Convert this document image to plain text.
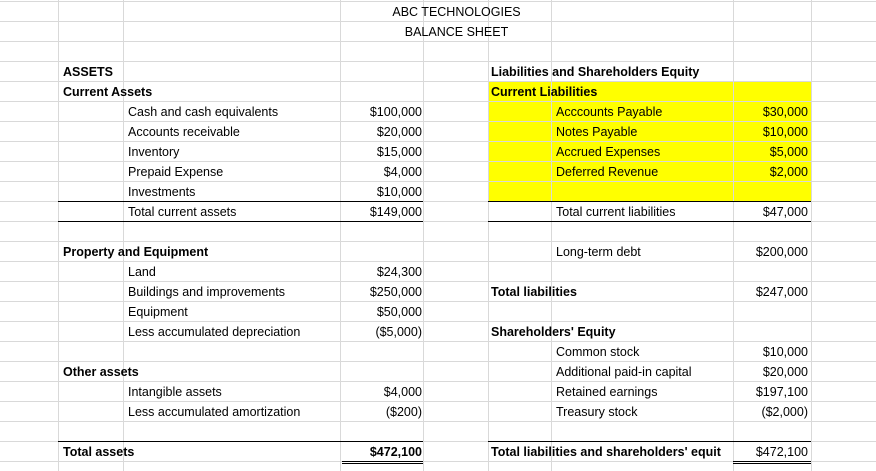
ABC TECHNOLOGIES
BALANCE SHEET
ASSETS
Current Assets
Cash and cash equivalents	$100,000
Accounts receivable	$20,000
Inventory	$15,000
Prepaid Expense	$4,000
Investments	$10,000
Total current assets	$149,000
Property and Equipment
Land	$24,300
Buildings and improvements	$250,000
Equipment	$50,000
Less accumulated depreciation	($5,000)
Other assets
Intangible assets	$4,000
Less accumulated amortization	($200)
Total assets	$472,100
Liabilities and Shareholders Equity
Current Liabilities
Acccounts Payable	$30,000
Notes Payable	$10,000
Accrued Expenses	$5,000
Deferred Revenue	$2,000
Total current liabilities	$47,000
Long-term debt	$200,000
Total liabilities	$247,000
Shareholders' Equity
Common stock	$10,000
Additional paid-in capital	$20,000
Retained earnings	$197,100
Treasury stock	($2,000)
Total liabilities and shareholders' equit	$472,100
